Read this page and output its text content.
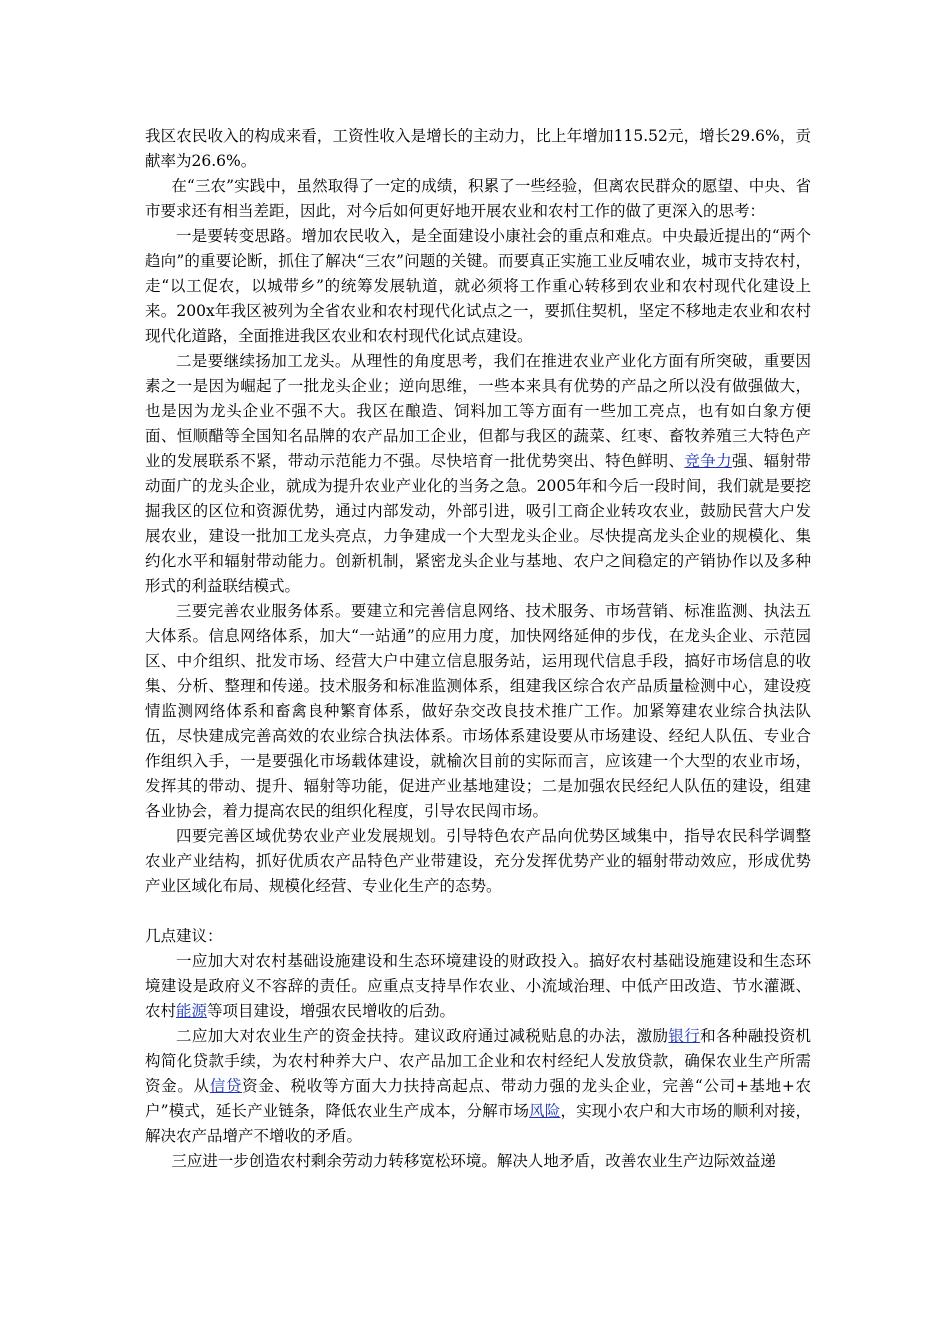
我区农民收入的构成来看，工资性收入是增长的主动力，比上年增加115.52元，增长29.6%，贡献率为26.6%。

在“三农”实践中，虽然取得了一定的成绩，积累了一些经验，但离农民群众的愿望、中央、省市要求还有相当差距，因此，对今后如何更好地开展农业和农村工作的做了更深入的思考：

一是要转变思路。增加农民收入，是全面建设小康社会的重点和难点。中央最近提出的“两个趋向”的重要论断，抓住了解决“三农”问题的关键。而要真正实施工业反哺农业，城市支持农村，走“以工促农，以城带乡”的统筹发展轨道，就必须将工作重心转移到农业和农村现代化建设上来。200x年我区被列为全省农业和农村现代化试点之一，要抓住契机，坚定不移地走农业和农村现代化道路，全面推进我区农业和农村现代化试点建设。

二是要继续扬加工龙头。从理性的角度思考，我们在推进农业产业化方面有所突破，重要因素之一是因为崛起了一批龙头企业；逆向思维，一些本来具有优势的产品之所以没有做强做大，也是因为龙头企业不强不大。我区在酿造、饲料加工等方面有一些加工亮点，也有如白象方便面、恒顺醋等全国知名品牌的农产品加工企业，但都与我区的蔬菜、红枣、畜牧养殖三大特色产业的发展联系不紧，带动示范能力不强。尽快培育一批优势突出、特色鲜明、竞争力强、辐射带动面广的龙头企业，就成为提升农业产业化的当务之急。2005年和今后一段时间，我们就是要挖掘我区的区位和资源优势，通过内部发动，外部引进，吸引工商企业转攻农业，鼓励民营大户发展农业，建设一批加工龙头亮点，力争建成一个大型龙头企业。尽快提高龙头企业的规模化、集约化水平和辐射带动能力。创新机制，紧密龙头企业与基地、农户之间稳定的产销协作以及多种形式的利益联结模式。

三要完善农业服务体系。要建立和完善信息网络、技术服务、市场营销、标准监测、执法五大体系。信息网络体系，加大“一站通”的应用力度，加快网络延伸的步伐，在龙头企业、示范园区、中介组织、批发市场、经营大户中建立信息服务站，运用现代信息手段，搞好市场信息的收集、分析、整理和传递。技术服务和标准监测体系，组建我区综合农产品质量检测中心，建设疫情监测网络体系和畜禽良种繁育体系，做好杂交改良技术推广工作。加紧筹建农业综合执法队伍，尽快建成完善高效的农业综合执法体系。市场体系建设要从市场建设、经纪人队伍、专业合作组织入手，一是要强化市场载体建设，就榆次目前的实际而言，应该建一个大型的农业市场，发挥其的带动、提升、辐射等功能，促进产业基地建设；二是加强农民经纪人队伍的建设，组建各业协会，着力提高农民的组织化程度，引导农民闯市场。

四要完善区域优势农业产业发展规划。引导特色农产品向优势区域集中，指导农民科学调整农业产业结构，抓好优质农产品特色产业带建设，充分发挥优势产业的辐射带动效应，形成优势产业区域化布局、规模化经营、专业化生产的态势。

几点建议：

一应加大对农村基础设施建设和生态环境建设的财政投入。搞好农村基础设施建设和生态环境建设是政府义不容辞的责任。应重点支持旱作农业、小流域治理、中低产田改造、节水灌溉、农村能源等项目建设，增强农民增收的后劲。

二应加大对农业生产的资金扶持。建议政府通过减税贴息的办法，激励银行和各种融投资机构简化贷款手续，为农村种养大户、农产品加工企业和农村经纪人发放贷款，确保农业生产所需资金。从信贷资金、税收等方面大力扶持高起点、带动力强的龙头企业，完善“公司+基地+农户”模式，延长产业链条，降低农业生产成本，分解市场风险，实现小农户和大市场的顺利对接，解决农产品增产不增收的矛盾。

三应进一步创造农村剩余劳动力转移宽松环境。解决人地矛盾，改善农业生产边际效益递
